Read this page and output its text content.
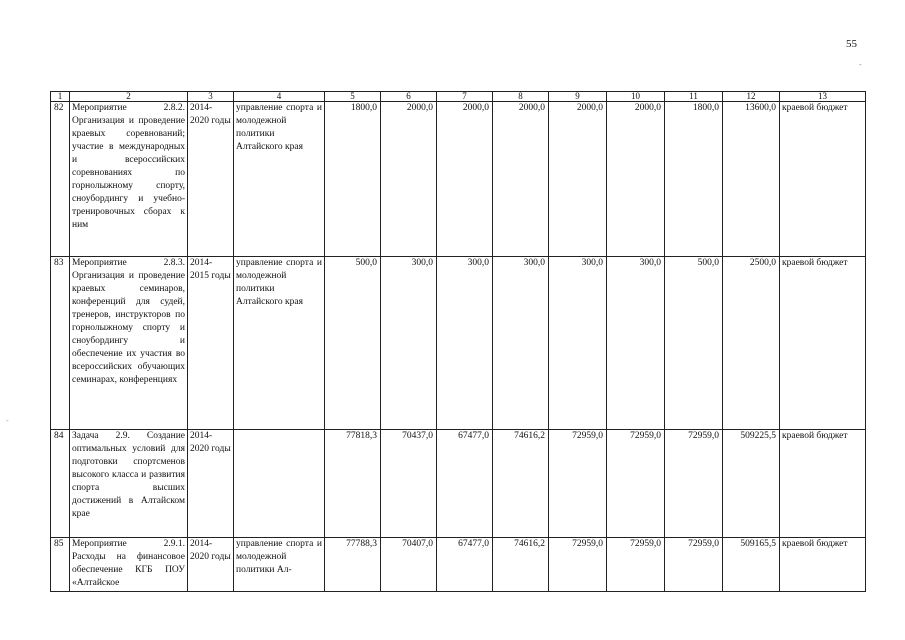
55
-
-
1	2	3	4	5	6	7	8	9	10	11	12	13
82	Мероприятие 2.8.2. Организация и проведение краевых соревнований; участие в международных и всероссийских соревнованиях по горнолыжному спорту, сноубордингу и учебно-тренировочных сборах к ним	2014-2020 годы	управление спорта и молодежной политики Алтайского края	1800,0	2000,0	2000,0	2000,0	2000,0	2000,0	1800,0	13600,0	краевой бюджет
83	Мероприятие 2.8.3. Организация и проведение краевых семинаров, конференций для судей, тренеров, инструкторов по горнолыжному спорту и сноубордингу и обеспечение их участия во всероссийских обучающих семинарах, конференциях	2014-2015 годы	управление спорта и молодежной политики Алтайского края	500,0	300,0	300,0	300,0	300,0	300,0	500,0	2500,0	краевой бюджет
84	Задача 2.9. Создание оптимальных условий для подготовки спортсменов высокого класса и развития спорта высших достижений в Алтайском крае	2014-2020 годы		77818,3	70437,0	67477,0	74616,2	72959,0	72959,0	72959,0	509225,5	краевой бюджет
85	Мероприятие 2.9.1. Расходы на финансовое обеспечение КГБ ПОУ «Алтайское	2014-2020 годы	управление спорта и молодежной политики Ал-	77788,3	70407,0	67477,0	74616,2	72959,0	72959,0	72959,0	509165,5	краевой бюджет
